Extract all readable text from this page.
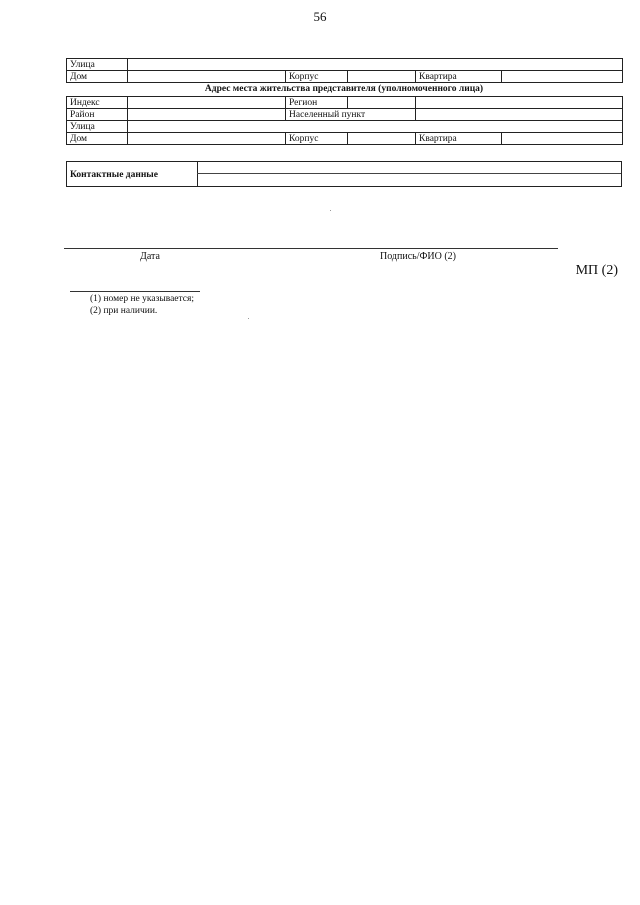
56
Улица					
Дом		Корпус		Квартира	
Адрес места жительства представителя (уполномоченного лица)
Индекс		Регион			
Район		Населенный пункт			
Улица					
Дом		Корпус		Квартира	
Контактные данные
Дата	Подпись/ФИО (2)
МП (2)
(1) номер не указывается;
(2) при наличии.
